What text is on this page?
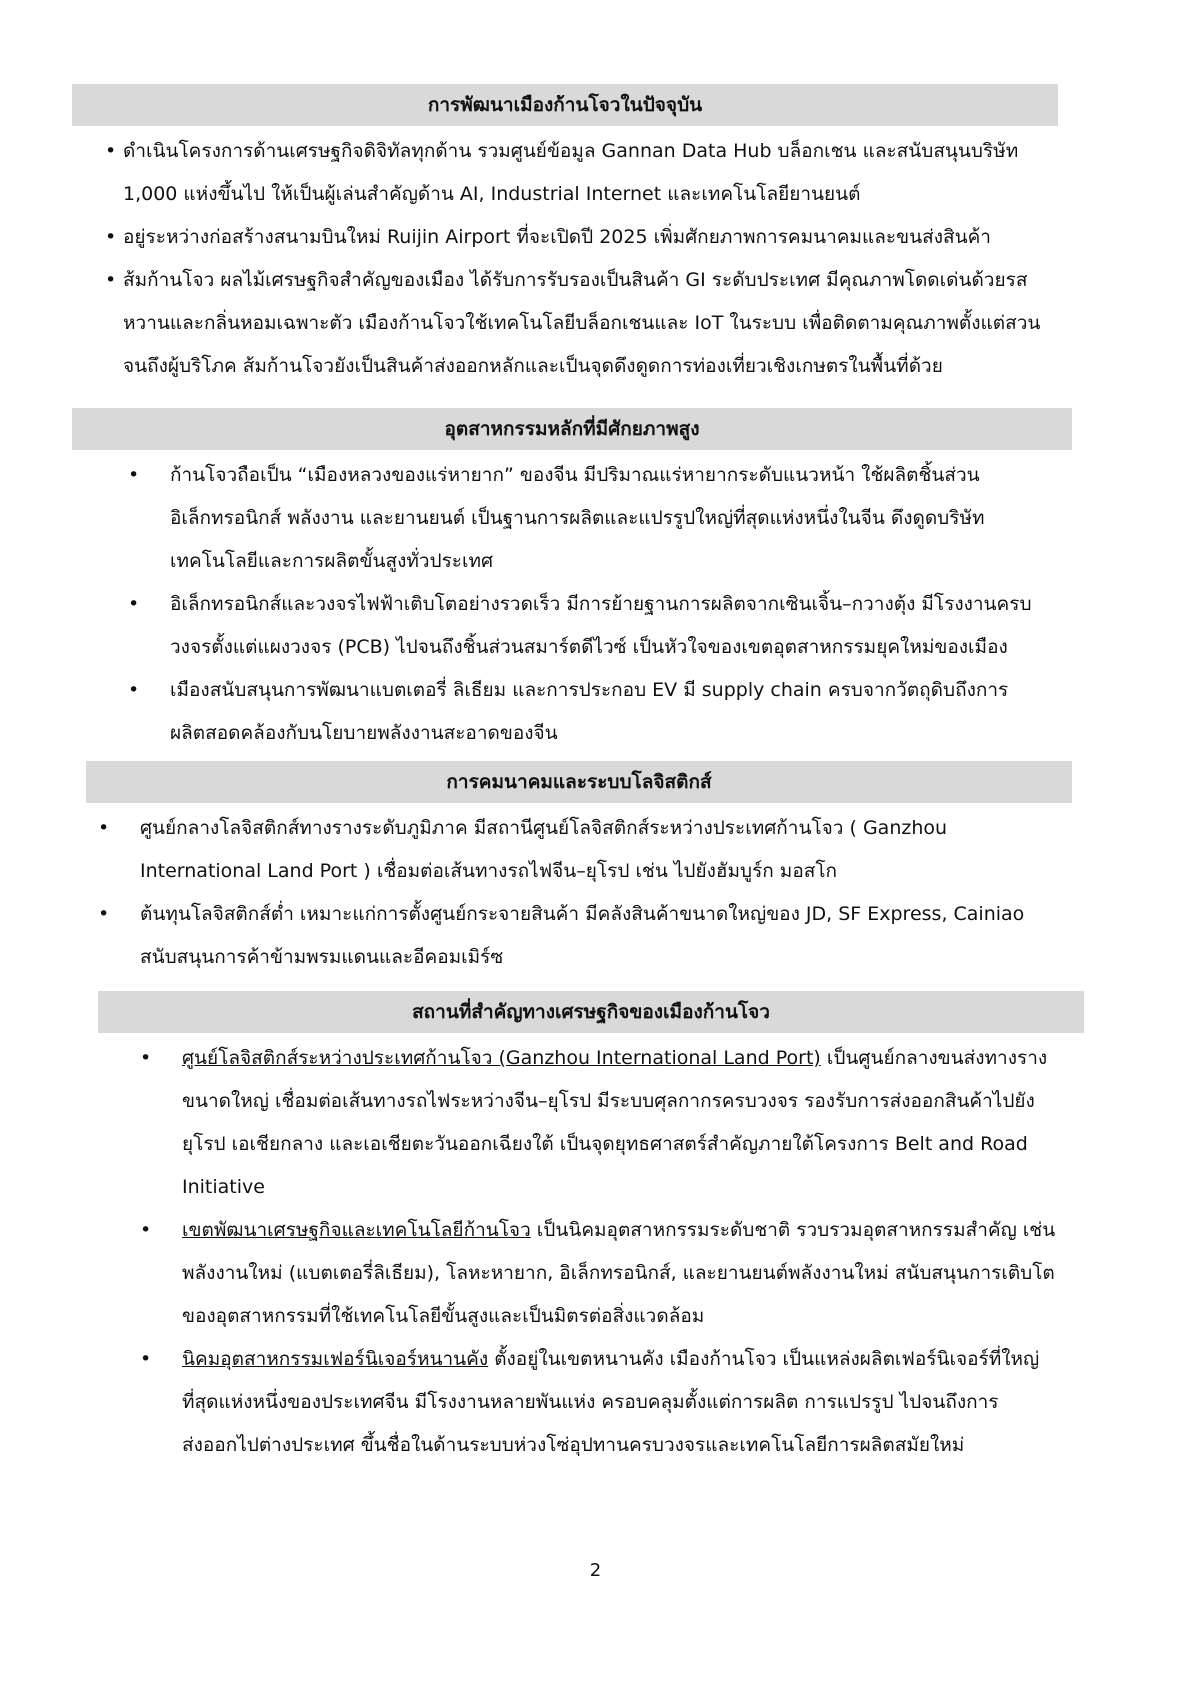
การพัฒนาเมืองก้านโจวในปัจจุบัน
• ดำเนินโครงการด้านเศรษฐกิจดิจิทัลทุกด้าน รวมศูนย์ข้อมูล Gannan Data Hub บล็อกเชน และสนับสนุนบริษัท
1,000 แห่งขึ้นไป ให้เป็นผู้เล่นสำคัญด้าน AI, Industrial Internet และเทคโนโลยียานยนต์
• อยู่ระหว่างก่อสร้างสนามบินใหม่ Ruijin Airport ที่จะเปิดปี 2025 เพิ่มศักยภาพการคมนาคมและขนส่งสินค้า
• ส้มก้านโจว ผลไม้เศรษฐกิจสำคัญของเมือง ได้รับการรับรองเป็นสินค้า GI ระดับประเทศ มีคุณภาพโดดเด่นด้วยรส
หวานและกลิ่นหอมเฉพาะตัว เมืองก้านโจวใช้เทคโนโลยีบล็อกเชนและ IoT ในระบบ เพื่อติดตามคุณภาพตั้งแต่สวน
จนถึงผู้บริโภค ส้มก้านโจวยังเป็นสินค้าส่งออกหลักและเป็นจุดดึงดูดการท่องเที่ยวเชิงเกษตรในพื้นที่ด้วย
อุตสาหกรรมหลักที่มีศักยภาพสูง
• ก้านโจวถือเป็น “เมืองหลวงของแร่หายาก” ของจีน มีปริมาณแร่หายากระดับแนวหน้า ใช้ผลิตชิ้นส่วน
อิเล็กทรอนิกส์ พลังงาน และยานยนต์ เป็นฐานการผลิตและแปรรูปใหญ่ที่สุดแห่งหนึ่งในจีน ดึงดูดบริษัท
เทคโนโลยีและการผลิตขั้นสูงทั่วประเทศ
• อิเล็กทรอนิกส์และวงจรไฟฟ้าเติบโตอย่างรวดเร็ว มีการย้ายฐานการผลิตจากเซินเจิ้น–กวางตุ้ง มีโรงงานครบ
วงจรตั้งแต่แผงวงจร (PCB) ไปจนถึงชิ้นส่วนสมาร์ตดีไวซ์ เป็นหัวใจของเขตอุตสาหกรรมยุคใหม่ของเมือง
• เมืองสนับสนุนการพัฒนาแบตเตอรี่ ลิเธียม และการประกอบ EV มี supply chain ครบจากวัตถุดิบถึงการ
ผลิตสอดคล้องกับนโยบายพลังงานสะอาดของจีน
การคมนาคมและระบบโลจิสติกส์
• ศูนย์กลางโลจิสติกส์ทางรางระดับภูมิภาค มีสถานีศูนย์โลจิสติกส์ระหว่างประเทศก้านโจว ( Ganzhou
International Land Port ) เชื่อมต่อเส้นทางรถไฟจีน–ยุโรป เช่น ไปยังฮัมบูร์ก มอสโก
• ต้นทุนโลจิสติกส์ต่ำ เหมาะแก่การตั้งศูนย์กระจายสินค้า มีคลังสินค้าขนาดใหญ่ของ JD, SF Express, Cainiao
สนับสนุนการค้าข้ามพรมแดนและอีคอมเมิร์ซ
สถานที่สำคัญทางเศรษฐกิจของเมืองก้านโจว
• ศูนย์โลจิสติกส์ระหว่างประเทศก้านโจว (Ganzhou International Land Port) เป็นศูนย์กลางขนส่งทางราง
ขนาดใหญ่ เชื่อมต่อเส้นทางรถไฟระหว่างจีน–ยุโรป มีระบบศุลกากรครบวงจร รองรับการส่งออกสินค้าไปยัง
ยุโรป เอเชียกลาง และเอเชียตะวันออกเฉียงใต้ เป็นจุดยุทธศาสตร์สำคัญภายใต้โครงการ Belt and Road
Initiative
• เขตพัฒนาเศรษฐกิจและเทคโนโลยีก้านโจว เป็นนิคมอุตสาหกรรมระดับชาติ รวบรวมอุตสาหกรรมสำคัญ เช่น
พลังงานใหม่ (แบตเตอรี่ลิเธียม), โลหะหายาก, อิเล็กทรอนิกส์, และยานยนต์พลังงานใหม่ สนับสนุนการเติบโต
ของอุตสาหกรรมที่ใช้เทคโนโลยีขั้นสูงและเป็นมิตรต่อสิ่งแวดล้อม
• นิคมอุตสาหกรรมเฟอร์นิเจอร์หนานคัง ตั้งอยู่ในเขตหนานคัง เมืองก้านโจว เป็นแหล่งผลิตเฟอร์นิเจอร์ที่ใหญ่
ที่สุดแห่งหนึ่งของประเทศจีน มีโรงงานหลายพันแห่ง ครอบคลุมตั้งแต่การผลิต การแปรรูป ไปจนถึงการ
ส่งออกไปต่างประเทศ ขึ้นชื่อในด้านระบบห่วงโซ่อุปทานครบวงจรและเทคโนโลยีการผลิตสมัยใหม่
2
